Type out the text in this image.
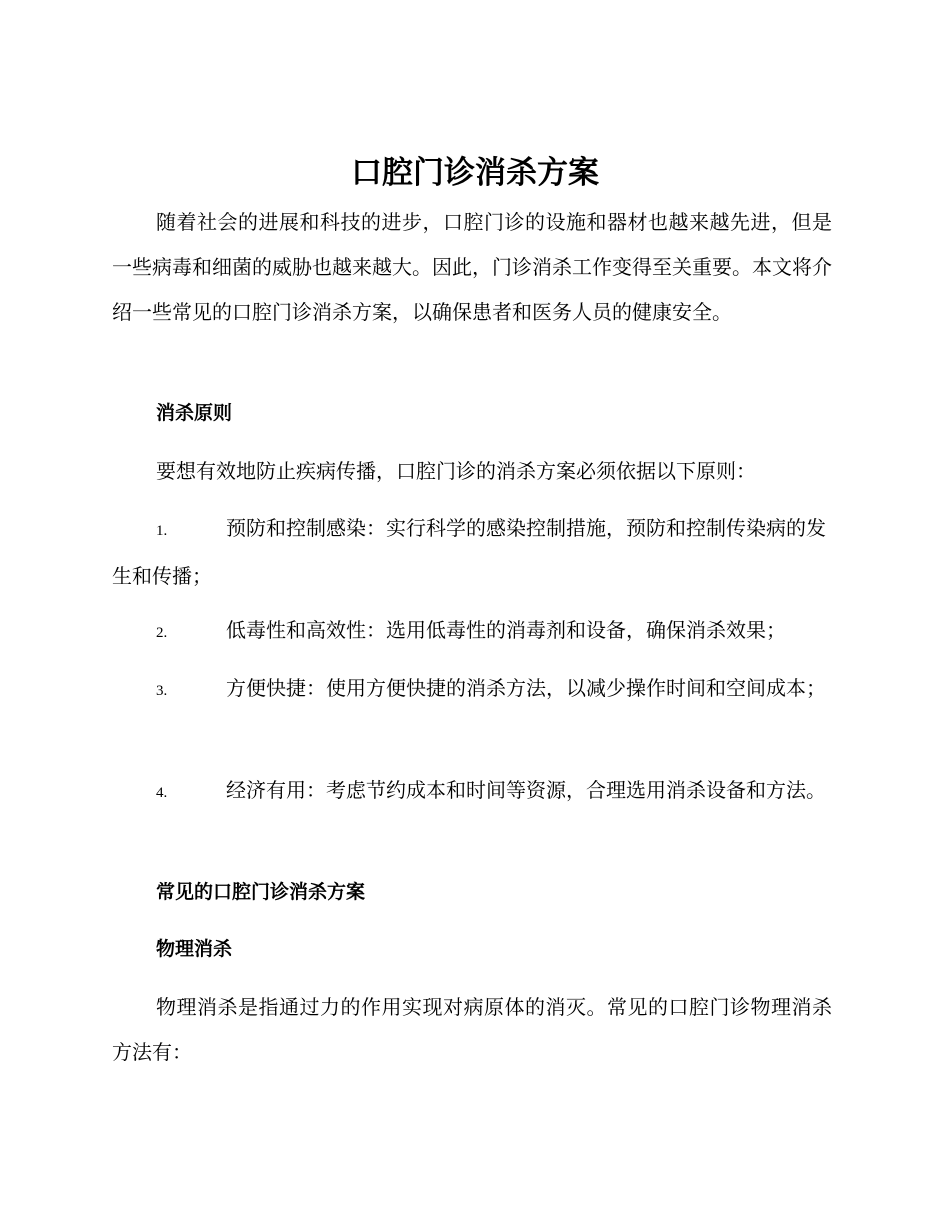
口腔门诊消杀方案

随着社会的进展和科技的进步，口腔门诊的设施和器材也越来越先进，但是一些病毒和细菌的威胁也越来越大。因此，门诊消杀工作变得至关重要。本文将介绍一些常见的口腔门诊消杀方案，以确保患者和医务人员的健康安全。

消杀原则

要想有效地防止疾病传播，口腔门诊的消杀方案必须依据以下原则：

1.	预防和控制感染：实行科学的感染控制措施，预防和控制传染病的发生和传播；

2.	低毒性和高效性：选用低毒性的消毒剂和设备，确保消杀效果；

3.	方便快捷：使用方便快捷的消杀方法，以减少操作时间和空间成本；

4.	经济有用：考虑节约成本和时间等资源，合理选用消杀设备和方法。

常见的口腔门诊消杀方案
物理消杀

物理消杀是指通过力的作用实现对病原体的消灭。常见的口腔门诊物理消杀方法有：
